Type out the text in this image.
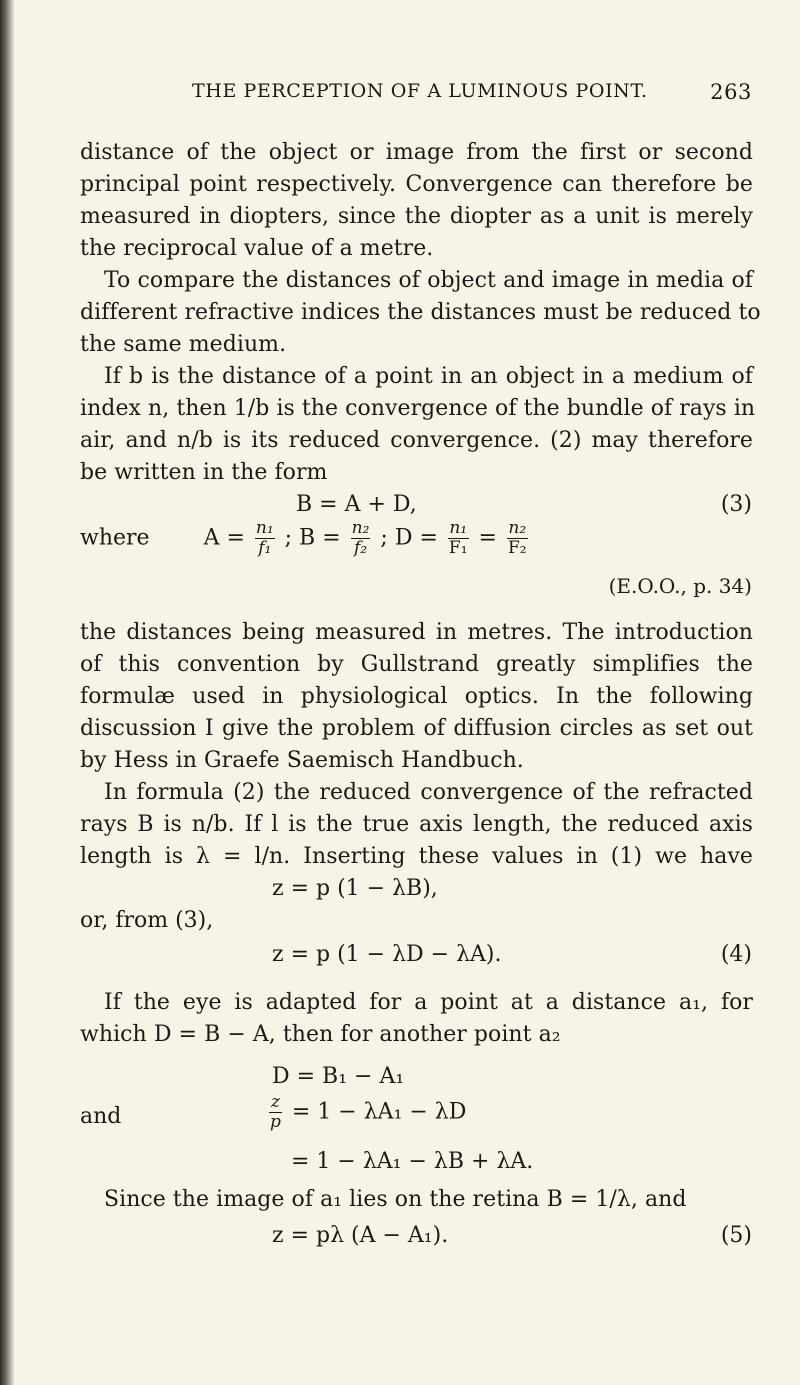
THE PERCEPTION OF A LUMINOUS POINT.	263
distance of the object or image from the first or second
principal point respectively. Convergence can therefore be
measured in diopters, since the diopter as a unit is merely
the reciprocal value of a metre.
To compare the distances of object and image in media of
different refractive indices the distances must be reduced to
the same medium.
If b is the distance of a point in an object in a medium of
index n, then 1/b is the convergence of the bundle of rays in
air, and n/b is its reduced convergence. (2) may therefore
be written in the form
B = A + D,	(3)
where $A = \frac{\text{n₁}}{\text{f₁}}$ ; $B = \frac{\text{n₂}}{\text{f₂}}$ ; $D = \frac{\text{n₁}}{\text{F₁}} = \frac{\text{n₂}}{\text{F₂}}$
(E.O.O., p. 34)
the distances being measured in metres. The introduction
of this convention by Gullstrand greatly simplifies the
formulæ used in physiological optics. In the following
discussion I give the problem of diffusion circles as set out
by Hess in Graefe Saemisch Handbuch.
In formula (2) the reduced convergence of the refracted
rays B is n/b. If l is the true axis length, the reduced axis
length is λ = l/n. Inserting these values in (1) we have
z = p (1 − λB),
or, from (3),
z = p (1 − λD − λA).	(4)
If the eye is adapted for a point at a distance a₁, for
which D = B − A, then for another point a₂
D = B₁ − A₁
and	$\frac{z}{p} = 1 - \lambda A_1 - \lambda D$
= 1 − λA₁ − λB + λA.
Since the image of a₁ lies on the retina B = 1/λ, and
z = pλ (A − A₁).	(5)
